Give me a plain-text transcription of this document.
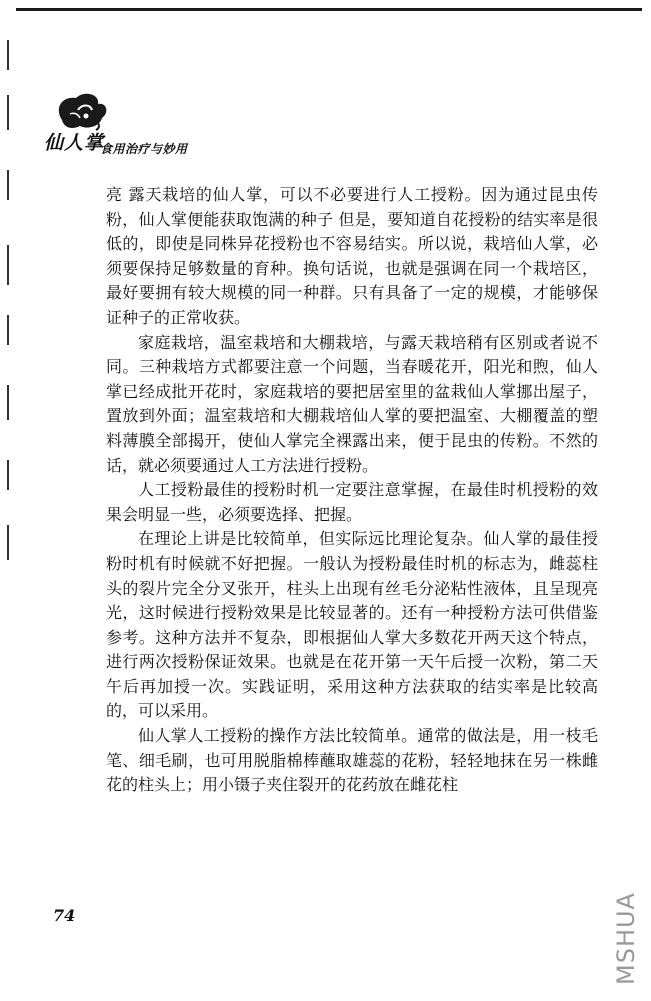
仙人掌
食用治疗与妙用

亮 露天栽培的仙人掌，可以不必要进行人工授粉。因为通过昆虫传粉，仙人掌便能获取饱满的种子 但是，要知道自花授粉的结实率是很低的，即使是同株异花授粉也不容易结实。所以说，栽培仙人掌，必须要保持足够数量的育种。换句话说，也就是强调在同一个栽培区，最好要拥有较大规模的同一种群。只有具备了一定的规模，才能够保证种子的正常收获。

家庭栽培，温室栽培和大棚栽培，与露天栽培稍有区别或者说不同。三种栽培方式都要注意一个问题，当春暖花开，阳光和煦，仙人掌已经成批开花时，家庭栽培的要把居室里的盆栽仙人掌挪出屋子，置放到外面；温室栽培和大棚栽培仙人掌的要把温室、大棚覆盖的塑料薄膜全部揭开，使仙人掌完全裸露出来，便于昆虫的传粉。不然的话，就必须要通过人工方法进行授粉。

人工授粉最佳的授粉时机一定要注意掌握，在最佳时机授粉的效果会明显一些，必须要选择、把握。

在理论上讲是比较简单，但实际远比理论复杂。仙人掌的最佳授粉时机有时候就不好把握。一般认为授粉最佳时机的标志为，雌蕊柱头的裂片完全分叉张开，柱头上出现有丝毛分泌粘性液体，且呈现亮光，这时候进行授粉效果是比较显著的。还有一种授粉方法可供借鉴参考。这种方法并不复杂，即根据仙人掌大多数花开两天这个特点，进行两次授粉保证效果。也就是在花开第一天午后授一次粉，第二天午后再加授一次。实践证明，采用这种方法获取的结实率是比较高的，可以采用。

仙人掌人工授粉的操作方法比较简单。通常的做法是，用一枝毛笔、细毛刷，也可用脱脂棉棒蘸取雄蕊的花粉，轻轻地抹在另一株雌花的柱头上；用小镊子夹住裂开的花药放在雌花柱

74	MSHUA
